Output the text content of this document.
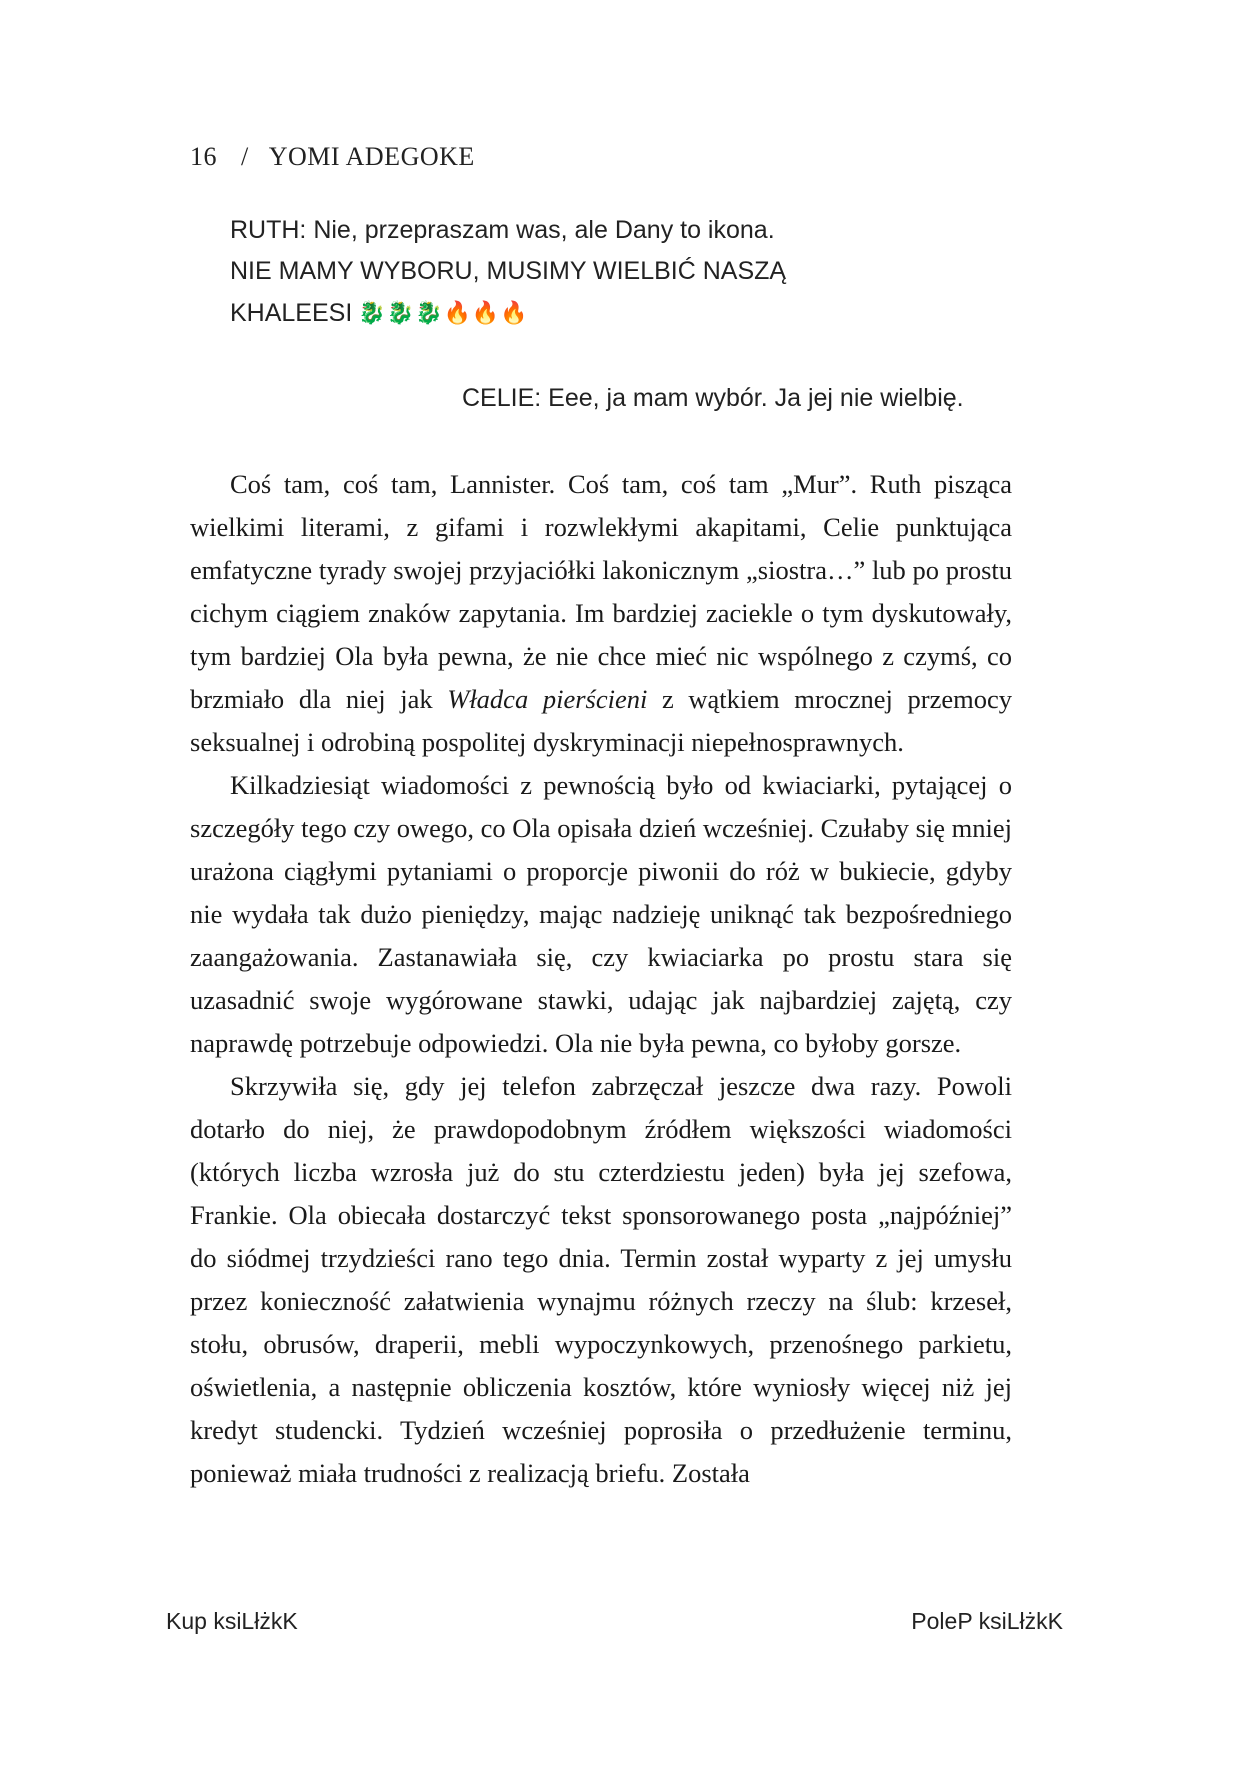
16 / YOMI ADEGOKE
RUTH: Nie, przepraszam was, ale Dany to ikona.
NIE MAMY WYBORU, MUSIMY WIELBIĆ NASZĄ
KHALEESI 🐉🐉🐉🔥🔥🔥
CELIE: Eee, ja mam wybór. Ja jej nie wielbię.

Coś tam, coś tam, Lannister. Coś tam, coś tam „Mur”. Ruth pisząca wielkimi literami, z gifami i rozwlekłymi akapitami, Celie punktująca emfatyczne tyrady swojej przyjaciółki lakonicznym „siostra…” lub po prostu cichym ciągiem znaków zapytania. Im bardziej zaciekle o tym dyskutowały, tym bardziej Ola była pewna, że nie chce mieć nic wspólnego z czymś, co brzmiało dla niej jak Władca pierścieni z wątkiem mrocznej przemocy seksualnej i odrobiną pospolitej dyskryminacji niepełnosprawnych.

Kilkadziesiąt wiadomości z pewnością było od kwiaciarki, pytającej o szczegóły tego czy owego, co Ola opisała dzień wcześniej. Czułaby się mniej urażona ciągłymi pytaniami o proporcje piwonii do róż w bukiecie, gdyby nie wydała tak dużo pieniędzy, mając nadzieję uniknąć tak bezpośredniego zaangażowania. Zastanawiała się, czy kwiaciarka po prostu stara się uzasadnić swoje wygórowane stawki, udając jak najbardziej zajętą, czy naprawdę potrzebuje odpowiedzi. Ola nie była pewna, co byłoby gorsze.

Skrzywiła się, gdy jej telefon zabrzęczał jeszcze dwa razy. Powoli dotarło do niej, że prawdopodobnym źródłem większości wiadomości (których liczba wzrosła już do stu czterdziestu jeden) była jej szefowa, Frankie. Ola obiecała dostarczyć tekst sponsorowanego posta „najpóźniej” do siódmej trzydzieści rano tego dnia. Termin został wyparty z jej umysłu przez konieczność załatwienia wynajmu różnych rzeczy na ślub: krzeseł, stołu, obrusów, draperii, mebli wypoczynkowych, przenośnego parkietu, oświetlenia, a następnie obliczenia kosztów, które wyniosły więcej niż jej kredyt studencki. Tydzień wcześniej poprosiła o przedłużenie terminu, ponieważ miała trudności z realizacją briefu. Została

Kup ksiLłżkK	PoleP ksiLłżkK
